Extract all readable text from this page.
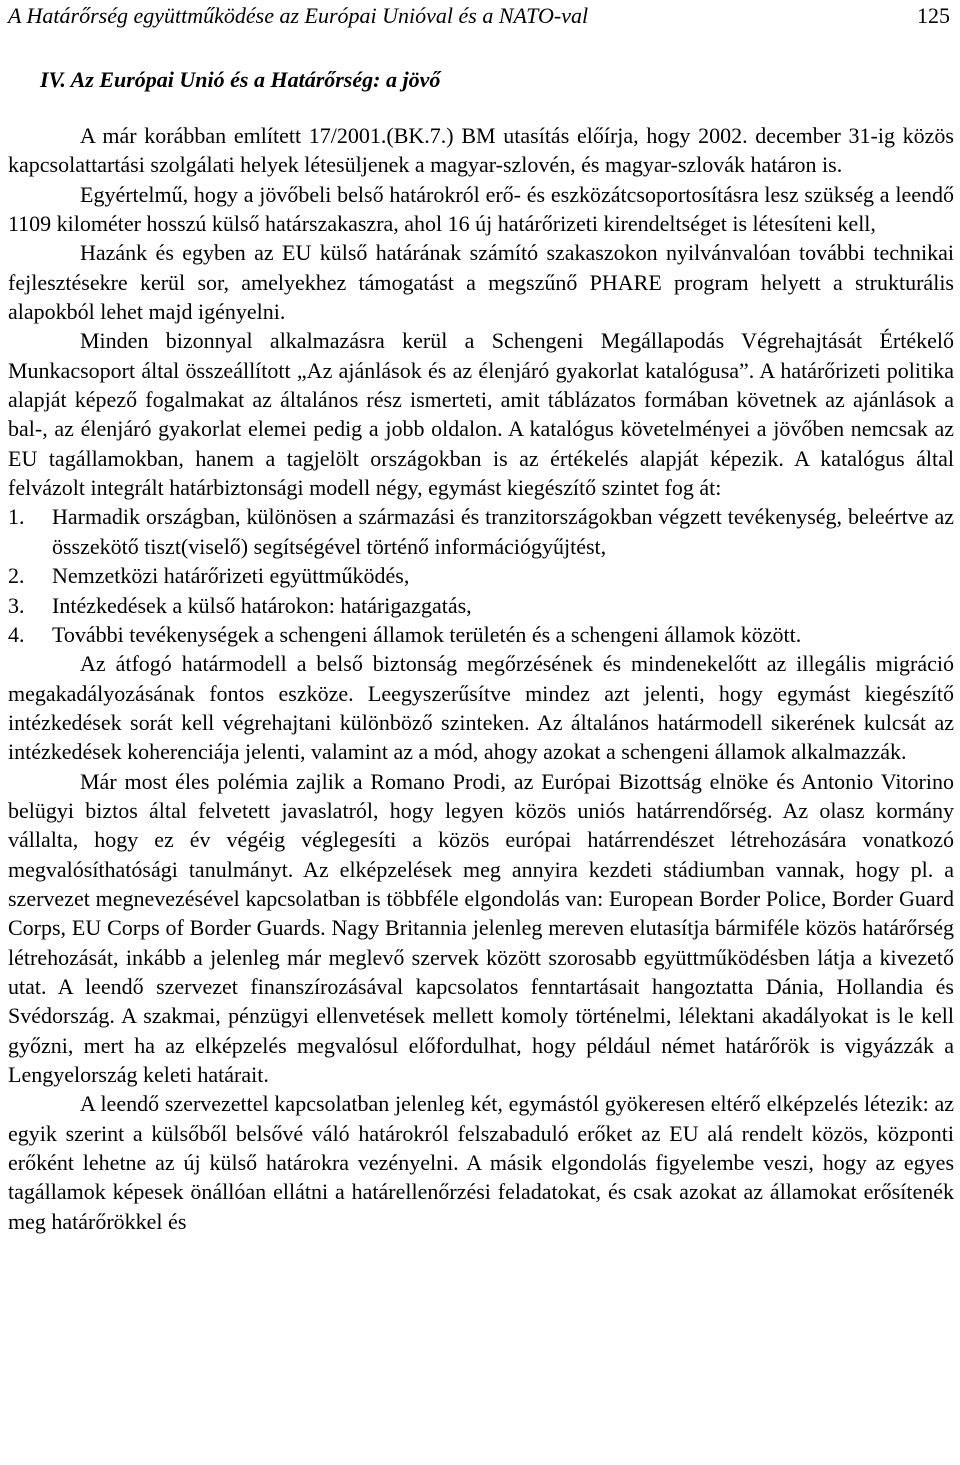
A Határőrség együttműködése az Európai Unióval és a NATO-val	125
IV. Az Európai Unió és a Határőrség: a jövő

A már korábban említett 17/2001.(BK.7.) BM utasítás előírja, hogy 2002. december 31-ig közös kapcsolattartási szolgálati helyek létesüljenek a magyar-szlovén, és magyar-szlovák határon is.

Egyértelmű, hogy a jövőbeli belső határokról erő- és eszközátcsoportosításra lesz szükség a leendő 1109 kilométer hosszú külső határszakaszra, ahol 16 új határőrizeti kirendeltséget is létesíteni kell,

Hazánk és egyben az EU külső határának számító szakaszokon nyilvánvalóan további technikai fejlesztésekre kerül sor, amelyekhez támogatást a megszűnő PHARE program helyett a strukturális alapokból lehet majd igényelni.

Minden bizonnyal alkalmazásra kerül a Schengeni Megállapodás Végrehajtását Értékelő Munkacsoport által összeállított „Az ajánlások és az élenjáró gyakorlat katalógusa”. A határőrizeti politika alapját képező fogalmakat az általános rész ismerteti, amit táblázatos formában követnek az ajánlások a bal-, az élenjáró gyakorlat elemei pedig a jobb oldalon. A katalógus követelményei a jövőben nemcsak az EU tagállamokban, hanem a tagjelölt országokban is az értékelés alapját képezik. A katalógus által felvázolt integrált határbiztonsági modell négy, egymást kiegészítő szintet fog át:

1.	Harmadik országban, különösen a származási és tranzitországokban végzett tevékenység, beleértve az összekötő tiszt(viselő) segítségével történő információgyűjtést,
2.	Nemzetközi határőrizeti együttműködés,
3.	Intézkedések a külső határokon: határigazgatás,
4.	További tevékenységek a schengeni államok területén és a schengeni államok között.

Az átfogó határmodell a belső biztonság megőrzésének és mindenekelőtt az illegális migráció megakadályozásának fontos eszköze. Leegyszerűsítve mindez azt jelenti, hogy egymást kiegészítő intézkedések sorát kell végrehajtani különböző szinteken. Az általános határmodell sikerének kulcsát az intézkedések koherenciája jelenti, valamint az a mód, ahogy azokat a schengeni államok alkalmazzák.

Már most éles polémia zajlik a Romano Prodi, az Európai Bizottság elnöke és Antonio Vitorino belügyi biztos által felvetett javaslatról, hogy legyen közös uniós határrendőrség. Az olasz kormány vállalta, hogy ez év végéig véglegesíti a közös európai határrendészet létrehozására vonatkozó megvalósíthatósági tanulmányt. Az elképzelések meg annyira kezdeti stádiumban vannak, hogy pl. a szervezet megnevezésével kapcsolatban is többféle elgondolás van: European Border Police, Border Guard Corps, EU Corps of Border Guards. Nagy Britannia jelenleg mereven elutasítja bármiféle közös határőrség létrehozását, inkább a jelenleg már meglevő szervek között szorosabb együttműködésben látja a kivezető utat. A leendő szervezet finanszírozásával kapcsolatos fenntartásait hangoztatta Dánia, Hollandia és Svédország. A szakmai, pénzügyi ellenvetések mellett komoly történelmi, lélektani akadályokat is le kell győzni, mert ha az elképzelés megvalósul előfordulhat, hogy például német határőrök is vigyázzák a Lengyelország keleti határait.

A leendő szervezettel kapcsolatban jelenleg két, egymástól gyökeresen eltérő elképzelés létezik: az egyik szerint a külsőből belsővé váló határokról felszabaduló erőket az EU alá rendelt közös, központi erőként lehetne az új külső határokra vezényelni. A másik elgondolás figyelembe veszi, hogy az egyes tagállamok képesek önállóan ellátni a határellenőrzési feladatokat, és csak azokat az államokat erősítenék meg határőrökkel és
